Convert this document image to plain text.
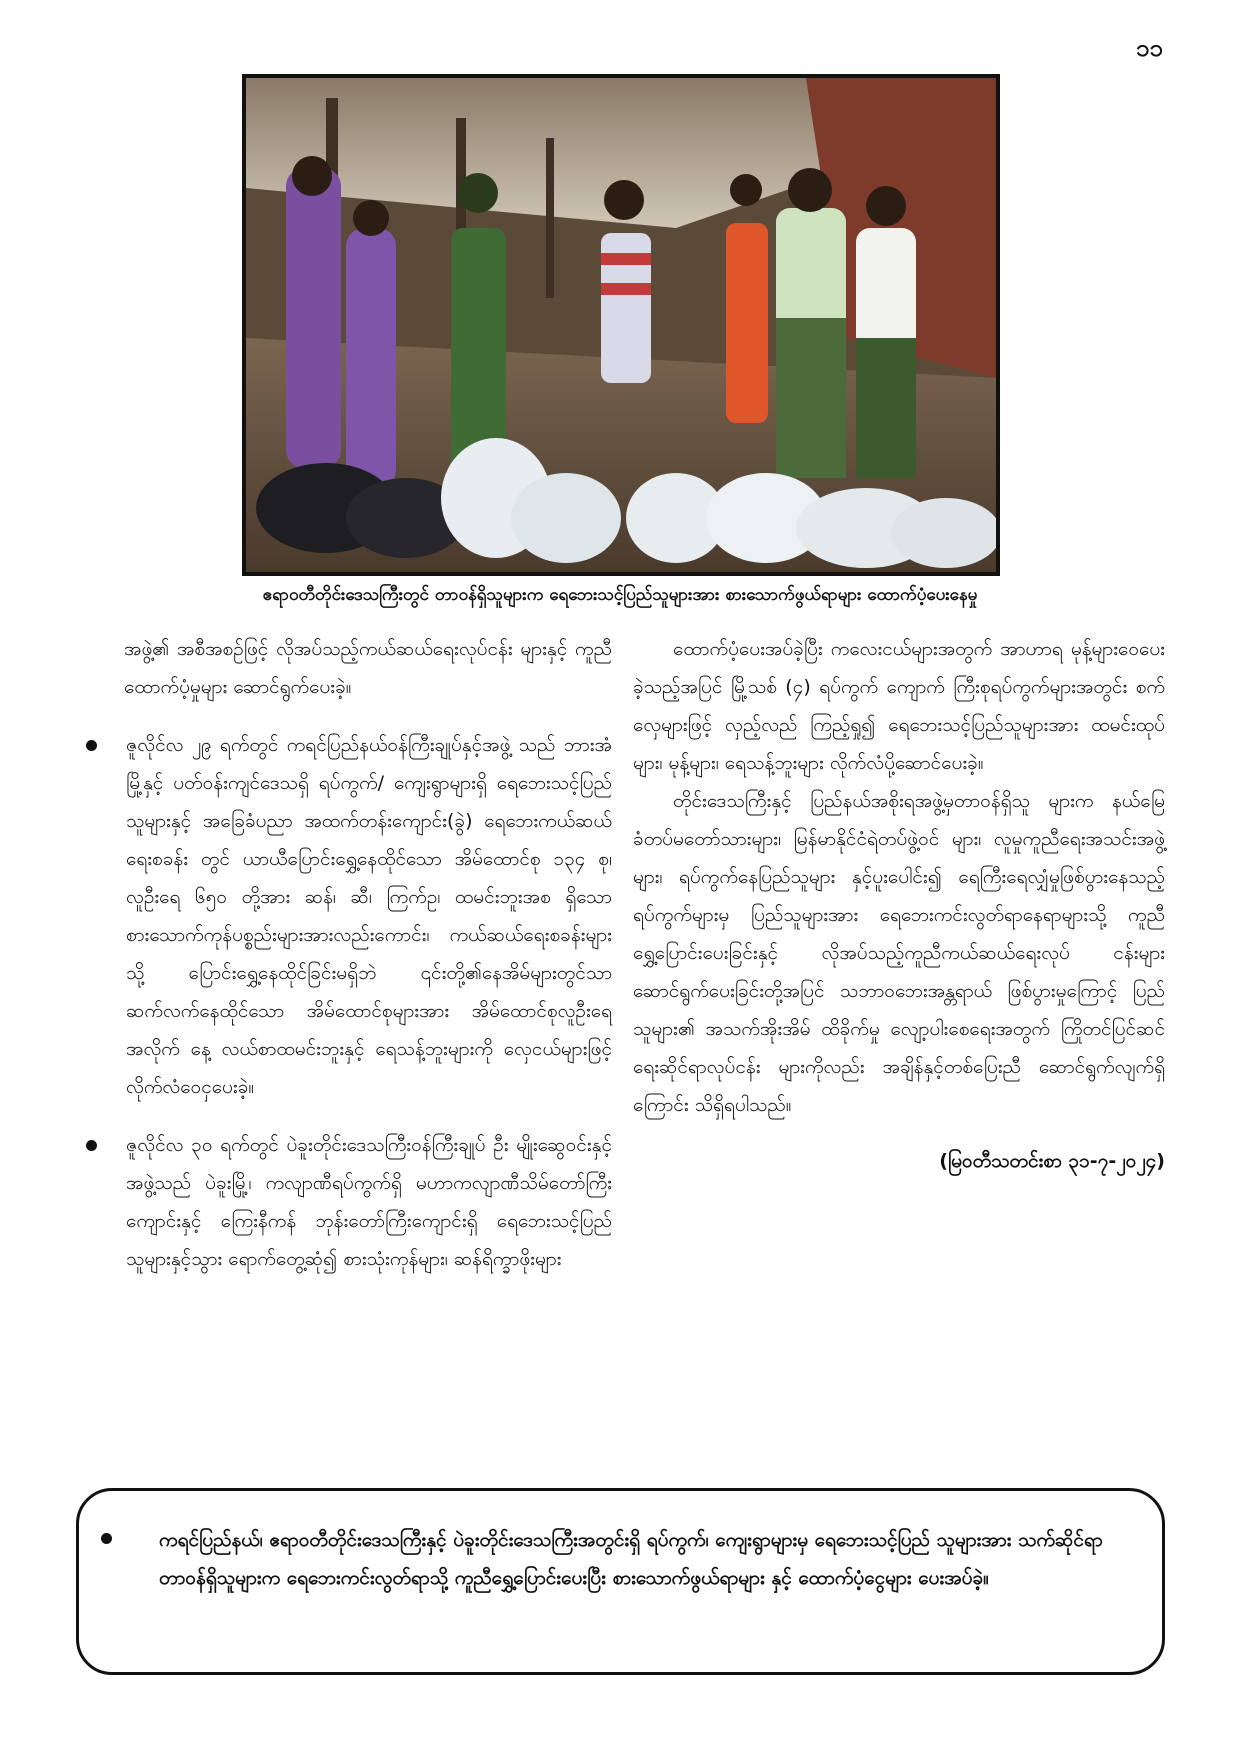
၁၁
ဧရာဝတီတိုင်းဒေသကြီးတွင် တာဝန်ရှိသူများက ရေဘေးသင့်ပြည်သူများအား စားသောက်ဖွယ်ရာများ ထောက်ပံ့ပေးနေမှု

အဖွဲ့၏ အစီအစဉ်ဖြင့် လိုအပ်သည့်ကယ်ဆယ်ရေးလုပ်ငန်း များနှင့် ကူညီထောက်ပံ့မှုများ ဆောင်ရွက်ပေးခဲ့။

ဇူလိုင်လ ၂၉ ရက်တွင် ကရင်ပြည်နယ်ဝန်ကြီးချုပ်နှင့်အဖွဲ့ သည် ဘားအံမြို့နှင့် ပတ်ဝန်းကျင်ဒေသရှိ ရပ်ကွက်/ ကျေးရွာများရှိ ရေဘေးသင့်ပြည်သူများနှင့် အခြေခံပညာ အထက်တန်းကျောင်း(ခွဲ) ရေဘေးကယ်ဆယ်ရေးစခန်း တွင် ယာယီပြောင်းရွှေ့နေထိုင်သော အိမ်ထောင်စု ၁၃၄ စု၊ လူဦးရေ ၆၅၀ တို့အား ဆန်၊ ဆီ၊ ကြက်ဥ၊ ထမင်းဘူးအစ ရှိသော စားသောက်ကုန်ပစ္စည်းများအားလည်းကောင်း၊ ကယ်ဆယ်ရေးစခန်းများသို့ ပြောင်းရွှေ့နေထိုင်ခြင်းမရှိဘဲ ၎င်းတို့၏နေအိမ်များတွင်သာ ဆက်လက်နေထိုင်သော အိမ်ထောင်စုများအား အိမ်ထောင်စုလူဦးရေအလိုက် နေ့ လယ်စာထမင်းဘူးနှင့် ရေသန့်ဘူးများကို လှေငယ်များဖြင့် လိုက်လံဝေငှပေးခဲ့။

ဇူလိုင်လ ၃၀ ရက်တွင် ပဲခူးတိုင်းဒေသကြီးဝန်ကြီးချုပ် ဦး မျိုးဆွေဝင်းနှင့်အဖွဲ့သည် ပဲခူးမြို့၊ ကလျာဏီရပ်ကွက်ရှိ မဟာကလျာဏီသိမ်တော်ကြီးကျောင်းနှင့် ကြေးနီကန် ဘုန်းတော်ကြီးကျောင်းရှိ ရေဘေးသင့်ပြည်သူများနှင့်သွား ရောက်တွေ့ဆုံ၍ စားသုံးကုန်များ၊ ဆန်ရိက္ခာဖိုးများ

ထောက်ပံ့ပေးအပ်ခဲ့ပြီး ကလေးငယ်များအတွက် အာဟာရ မုန့်များဝေပေးခဲ့သည့်အပြင် မြို့သစ် (၄) ရပ်ကွက် ကျောက် ကြီးစုရပ်ကွက်များအတွင်း စက်လှေများဖြင့် လှည့်လည် ကြည့်ရှု၍ ရေဘေးသင့်ပြည်သူများအား ထမင်းထုပ်များ၊ မုန့်များ၊ ရေသန့်ဘူးများ လိုက်လံပို့ဆောင်ပေးခဲ့။

တိုင်းဒေသကြီးနှင့် ပြည်နယ်အစိုးရအဖွဲ့မှတာဝန်ရှိသူ များက နယ်မြေခံတပ်မတော်သားများ၊ မြန်မာနိုင်ငံရဲတပ်ဖွဲ့ဝင် များ၊ လူမှုကူညီရေးအသင်းအဖွဲ့များ၊ ရပ်ကွက်နေပြည်သူများ နှင့်ပူးပေါင်း၍ ရေကြီးရေလျှံမှုဖြစ်ပွားနေသည့် ရပ်ကွက်များမှ ပြည်သူများအား ရေဘေးကင်းလွတ်ရာနေရာများသို့ ကူညီ ရွှေ့ပြောင်းပေးခြင်းနှင့် လိုအပ်သည့်ကူညီကယ်ဆယ်ရေးလုပ် ငန်းများ ဆောင်ရွက်ပေးခြင်းတို့အပြင် သဘာဝဘေးအန္တရာယ် ဖြစ်ပွားမှုကြောင့် ပြည်သူများ၏ အသက်အိုးအိမ် ထိခိုက်မှု လျော့ပါးစေရေးအတွက် ကြိုတင်ပြင်ဆင်ရေးဆိုင်ရာလုပ်ငန်း များကိုလည်း အချိန်နှင့်တစ်ပြေးညီ ဆောင်ရွက်လျက်ရှိကြောင်း သိရှိရပါသည်။

(မြဝတီသတင်းစာ ၃၁-၇-၂၀၂၄)

ကရင်ပြည်နယ်၊ ဧရာဝတီတိုင်းဒေသကြီးနှင့် ပဲခူးတိုင်းဒေသကြီးအတွင်းရှိ ရပ်ကွက်၊ ကျေးရွာများမှ ရေဘေးသင့်ပြည် သူများအား သက်ဆိုင်ရာတာဝန်ရှိသူများက ရေဘေးကင်းလွတ်ရာသို့ ကူညီရွှေ့ပြောင်းပေးပြီး စားသောက်ဖွယ်ရာများ နှင့် ထောက်ပံ့ငွေများ ပေးအပ်ခဲ့။
